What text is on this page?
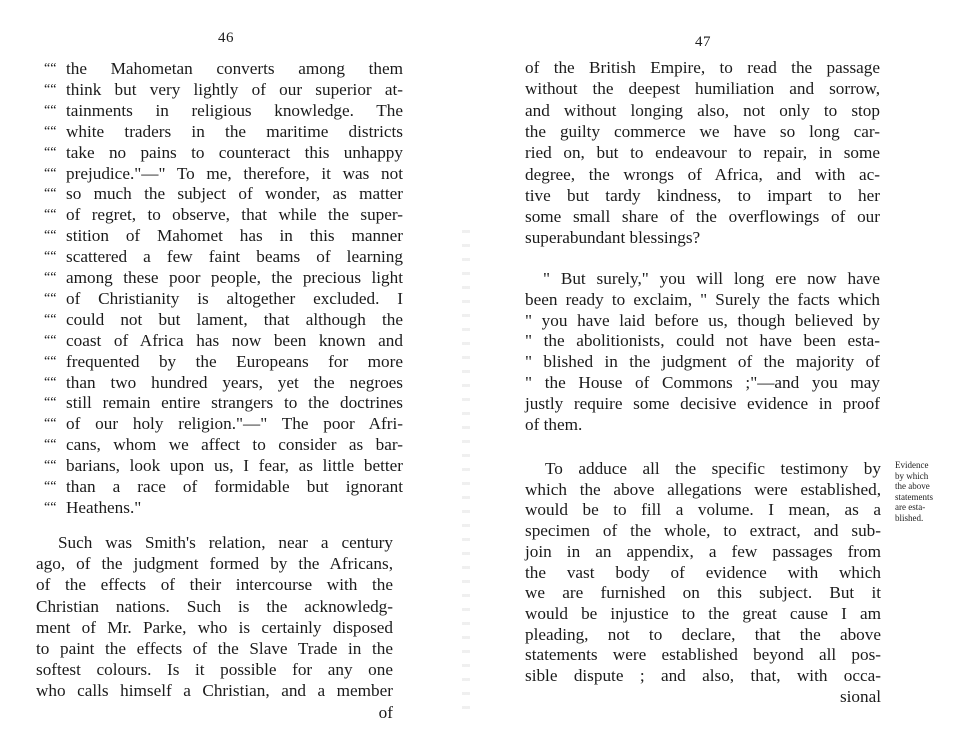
46
the Mahometan converts among them
““
think but very lightly of our superior at-
““
tainments in religious knowledge. The
““
white traders in the maritime districts
““
take no pains to counteract this unhappy
““
prejudice."—" To me, therefore, it was not
““
so much the subject of wonder, as matter
““
of regret, to observe, that while the super-
““
stition of Mahomet has in this manner
““
scattered a few faint beams of learning
““
among these poor people, the precious light
““
of Christianity is altogether excluded. I
““
could not but lament, that although the
““
coast of Africa has now been known and
““
frequented by the Europeans for more
““
than two hundred years, yet the negroes
““
still remain entire strangers to the doctrines
““
of our holy religion."—" The poor Afri-
““
cans, whom we affect to consider as bar-
““
barians, look upon us, I fear, as little better
““
than a race of formidable but ignorant
““
Heathens."
““
Such was Smith's relation, near a century
ago, of the judgment formed by the Africans,
of the effects of their intercourse with the
Christian nations. Such is the acknowledg-
ment of Mr. Parke, who is certainly disposed
to paint the effects of the Slave Trade in the
softest colours. Is it possible for any one
who calls himself a Christian, and a member
of
47
of the British Empire, to read the passage
without the deepest humiliation and sorrow,
and without longing also, not only to stop
the guilty commerce we have so long car-
ried on, but to endeavour to repair, in some
degree, the wrongs of Africa, and with ac-
tive but tardy kindness, to impart to her
some small share of the overflowings of our
superabundant blessings?
" But surely," you will long ere now have
been ready to exclaim, " Surely the facts which
" you have laid before us, though believed by
" the abolitionists, could not have been esta-
" blished in the judgment of the majority of
" the House of Commons ;"—and you may
justly require some decisive evidence in proof
of them.
To adduce all the specific testimony by
which the above allegations were established,
would be to fill a volume. I mean, as a
specimen of the whole, to extract, and sub-
join in an appendix, a few passages from
the vast body of evidence with which
we are furnished on this subject. But it
would be injustice to the great cause I am
pleading, not to declare, that the above
statements were established beyond all pos-
sible dispute ; and also, that, with occa-
sional
Evidence
by which
the above
statements
are esta-
blished.
